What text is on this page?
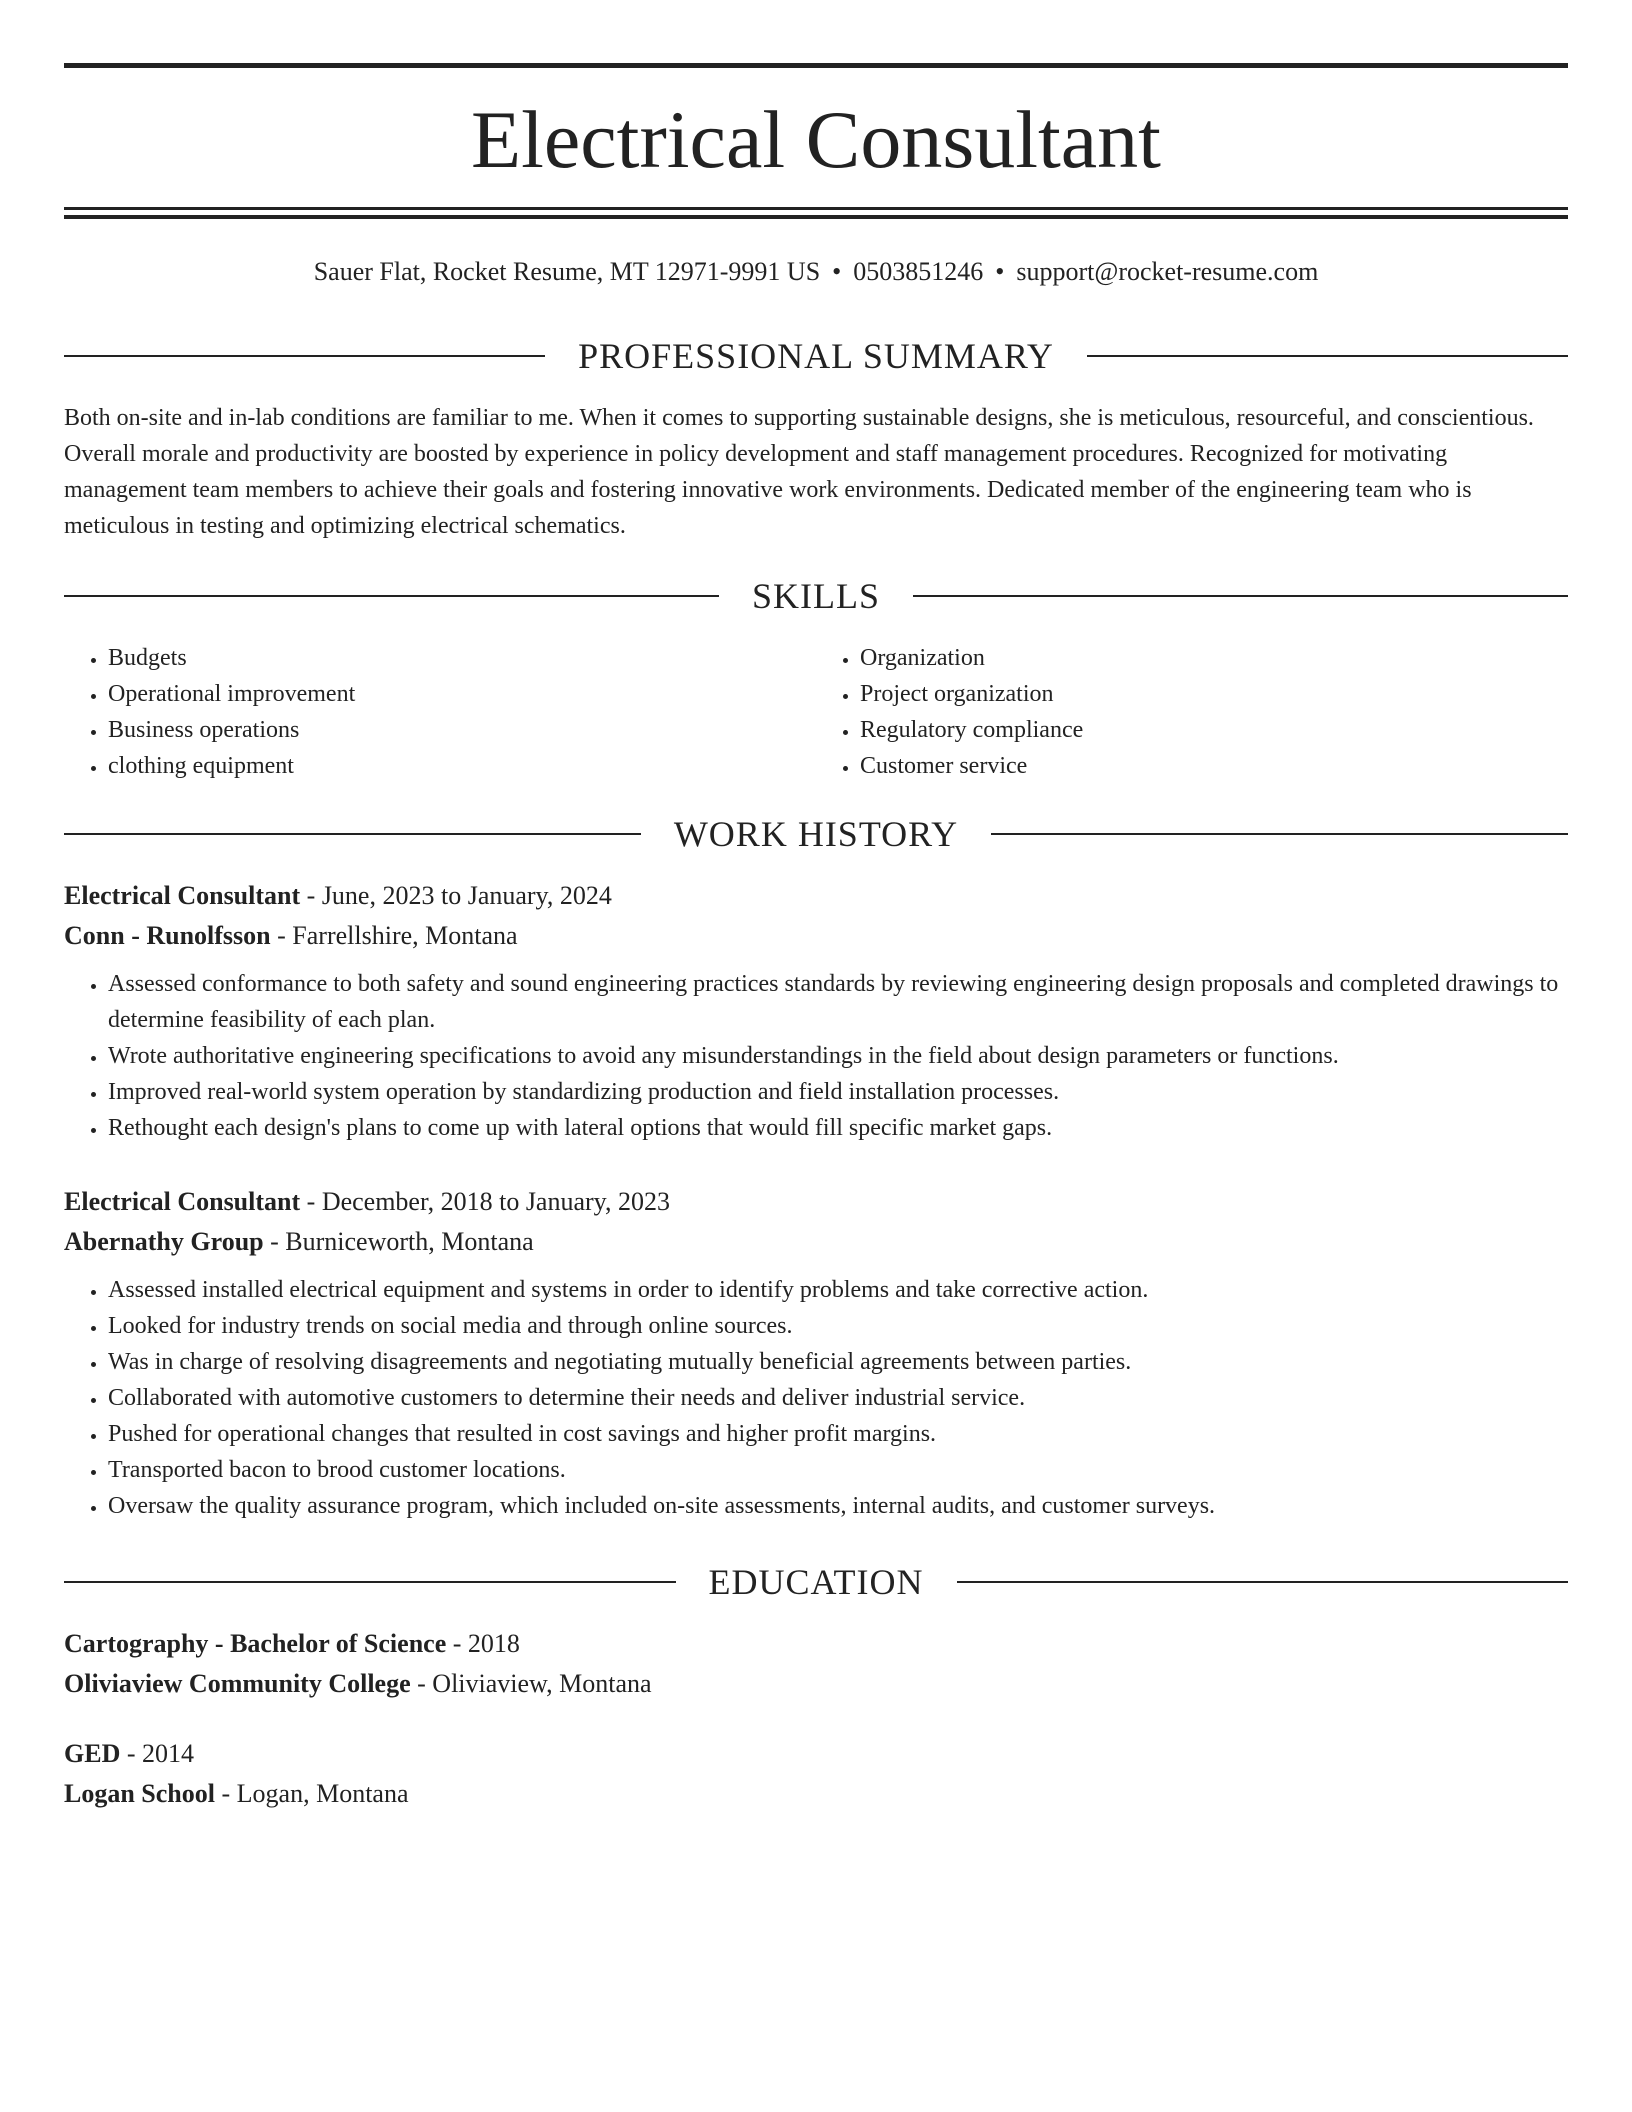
Electrical Consultant
Sauer Flat, Rocket Resume, MT 12971-9991 US • 0503851246 • support@rocket-resume.com
PROFESSIONAL SUMMARY

Both on-site and in-lab conditions are familiar to me. When it comes to supporting sustainable designs, she is meticulous, resourceful, and conscientious. Overall morale and productivity are boosted by experience in policy development and staff management procedures. Recognized for motivating management team members to achieve their goals and fostering innovative work environments. Dedicated member of the engineering team who is meticulous in testing and optimizing electrical schematics.

SKILLS
• Budgets
• Operational improvement
• Business operations
• clothing equipment
• Organization
• Project organization
• Regulatory compliance
• Customer service
WORK HISTORY
Electrical Consultant - June, 2023 to January, 2024
Conn - Runolfsson - Farrellshire, Montana
• Assessed conformance to both safety and sound engineering practices standards by reviewing engineering design proposals and completed drawings to determine feasibility of each plan.
• Wrote authoritative engineering specifications to avoid any misunderstandings in the field about design parameters or functions.
• Improved real-world system operation by standardizing production and field installation processes.
• Rethought each design's plans to come up with lateral options that would fill specific market gaps.
Electrical Consultant - December, 2018 to January, 2023
Abernathy Group - Burniceworth, Montana
• Assessed installed electrical equipment and systems in order to identify problems and take corrective action.
• Looked for industry trends on social media and through online sources.
• Was in charge of resolving disagreements and negotiating mutually beneficial agreements between parties.
• Collaborated with automotive customers to determine their needs and deliver industrial service.
• Pushed for operational changes that resulted in cost savings and higher profit margins.
• Transported bacon to brood customer locations.
• Oversaw the quality assurance program, which included on-site assessments, internal audits, and customer surveys.
EDUCATION
Cartography - Bachelor of Science - 2018
Oliviaview Community College - Oliviaview, Montana
GED - 2014
Logan School - Logan, Montana
